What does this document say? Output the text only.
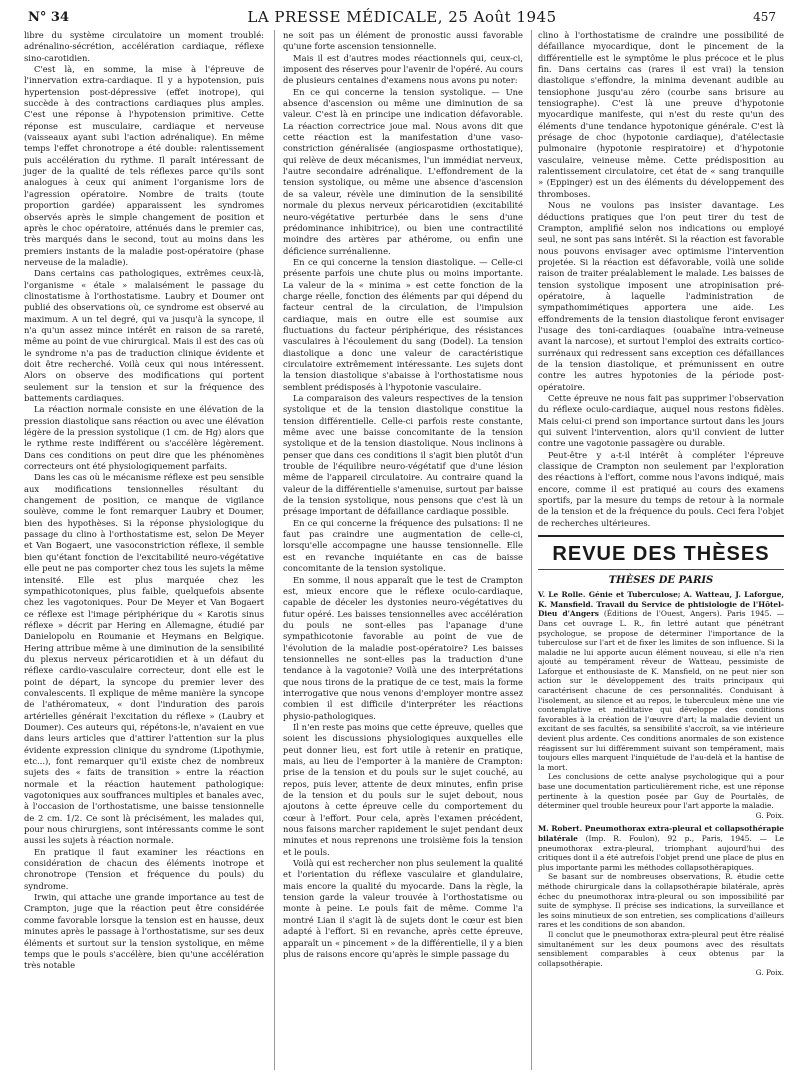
N° 34	LA PRESSE MÉDICALE, 25 Août 1945	457

libre du système circulatoire un moment troublé: adrénalino-sécrétion, accélération cardiaque, réflexe sino-carotidien.

C'est là, en somme, la mise à l'épreuve de l'innervation extra-cardiaque. Il y a hypotension, puis hypertension post-dépressive (effet inotrope), qui succède à des contractions cardiaques plus amples. C'est une réponse à l'hypotension primitive. Cette réponse est musculaire, cardiaque et nerveuse (vaisseaux ayant subi l'action adrénalique). En même temps l'effet chronotrope a été double: ralentissement puis accélération du rythme. Il paraît intéressant de juger de la qualité de tels réflexes parce qu'ils sont analogues à ceux qui animent l'organisme lors de l'agression opératoire. Nombre de traits (toute proportion gardée) apparaissent les syndromes observés après le simple changement de position et après le choc opératoire, atténués dans le premier cas, très marqués dans le second, tout au moins dans les premiers instants de la maladie post-opératoire (phase nerveuse de la maladie).

Dans certains cas pathologiques, extrêmes ceux-là, l'organisme « étale » malaisément le passage du clinostatisme à l'orthostatisme. Laubry et Doumer ont publié des observations où, ce syndrome est observé au maximum. A un tel degré, qui va jusqu'à la syncope, il n'a qu'un assez mince intérêt en raison de sa rareté, même au point de vue chirurgical. Mais il est des cas où le syndrome n'a pas de traduction clinique évidente et doit être recherché. Voilà ceux qui nous intéressent. Alors on observe des modifications qui portent seulement sur la tension et sur la fréquence des battements cardiaques.

La réaction normale consiste en une élévation de la pression diastolique sans réaction ou avec une élévation légère de la pression systolique (1 cm. de Hg) alors que le rythme reste indifférent ou s'accélère légèrement. Dans ces conditions on peut dire que les phénomènes correcteurs ont été physiologiquement parfaits.

Dans les cas où le mécanisme réflexe est peu sensible aux modifications tensionnelles résultant du changement de position, ce manque de vigilance soulève, comme le font remarquer Laubry et Doumer, bien des hypothèses. Si la réponse physiologique du passage du clino à l'orthostatisme est, selon De Meyer et Van Bogaert, une vasoconstriction réflexe, il semble bien qu'étant fonction de l'excitabilité neuro-végétative elle peut ne pas comporter chez tous les sujets la même intensité. Elle est plus marquée chez les sympathicotoniques, plus faible, quelquefois absente chez les vagotoniques. Pour De Meyer et Van Bogaert ce réflexe est l'image périphérique du « Karotis sinus réflexe » décrit par Hering en Allemagne, étudié par Danielopolu en Roumanie et Heymans en Belgique. Hering attribue même à une diminution de la sensibilité du plexus nerveux péricarotidien et à un défaut du réflexe cardio-vasculaire correcteur, dont elle est le point de départ, la syncope du premier lever des convalescents. Il explique de même manière la syncope de l'athéromateux, « dont l'induration des parois artérielles générait l'excitation du réflexe » (Laubry et Doumer). Ces auteurs qui, répétons-le, n'avaient en vue dans leurs articles que d'attirer l'attention sur la plus évidente expression clinique du syndrome (Lipothymie, etc...), font remarquer qu'il existe chez de nombreux sujets des « faits de transition » entre la réaction normale et la réaction hautement pathologique: vagotoniques aux souffrances multiples et banales avec, à l'occasion de l'orthostatisme, une baisse tensionnelle de 2 cm. 1/2. Ce sont là précisément, les malades qui, pour nous chirurgiens, sont intéressants comme le sont aussi les sujets à réaction normale.

En pratique il faut examiner les réactions en considération de chacun des éléments inotrope et chronotrope (Tension et fréquence du pouls) du syndrome.

Irwin, qui attache une grande importance au test de Crampton, juge que la réaction peut être considérée comme favorable lorsque la tension est en hausse, deux minutes après le passage à l'orthostatisme, sur ses deux éléments et surtout sur la tension systolique, en même temps que le pouls s'accélère, bien qu'une accélération très notable

ne soit pas un élément de pronostic aussi favorable qu'une forte ascension tensionnelle.

Mais il est d'autres modes réactionnels qui, ceux-ci, imposent des réserves pour l'avenir de l'opéré. Au cours de plusieurs centaines d'examens nous avons pu noter:

En ce qui concerne la tension systolique. — Une absence d'ascension ou même une diminution de sa valeur. C'est là en principe une indication défavorable. La réaction correctrice joue mal. Nous avons dit que cette réaction est la manifestation d'une vaso-constriction généralisée (angiospasme orthostatique), qui relève de deux mécanismes, l'un immédiat nerveux, l'autre secondaire adrénalique. L'effondrement de la tension systolique, ou même une absence d'ascension de sa valeur, révèle une diminution de la sensibilité normale du plexus nerveux péricarotidien (excitabilité neuro-végétative perturbée dans le sens d'une prédominance inhibitrice), ou bien une contractilité moindre des artères par athérome, ou enfin une déficience surrénalienne.

En ce qui concerne la tension diastolique. — Celle-ci présente parfois une chute plus ou moins importante. La valeur de la « minima » est cette fonction de la charge réelle, fonction des éléments par qui dépend du facteur central de la circulation, de l'impulsion cardiaque, mais en outre elle est soumise aux fluctuations du facteur périphérique, des résistances vasculaires à l'écoulement du sang (Dodel). La tension diastolique a donc une valeur de caractéristique circulatoire extrêmement intéressante. Les sujets dont la tension diastolique s'abaisse à l'orthostatisme nous semblent prédisposés à l'hypotonie vasculaire.

La comparaison des valeurs respectives de la tension systolique et de la tension diastolique constitue la tension différentielle. Celle-ci parfois reste constante, même avec une baisse concomitante de la tension systolique et de la tension diastolique. Nous inclinons à penser que dans ces conditions il s'agit bien plutôt d'un trouble de l'équilibre neuro-végétatif que d'une lésion même de l'appareil circulatoire. Au contraire quand la valeur de la différentielle s'amenuise, surtout par baisse de la tension systolique, nous pensons que c'est là un présage important de défaillance cardiaque possible.

En ce qui concerne la fréquence des pulsations: Il ne faut pas craindre une augmentation de celle-ci, lorsqu'elle accompagne une hausse tensionnelle. Elle est en revanche inquiétante en cas de baisse concomitante de la tension systolique.

En somme, il nous apparaît que le test de Crampton est, mieux encore que le réflexe oculo-cardiaque, capable de déceler les dystonies neuro-végétatives du futur opéré. Les baisses tensionnelles avec accélération du pouls ne sont-elles pas l'apanage d'une sympathicotonie favorable au point de vue de l'évolution de la maladie post-opératoire? Les baisses tensionnelles ne sont-elles pas la traduction d'une tendance à la vagotonie? Voilà une des interprétations que nous tirons de la pratique de ce test, mais la forme interrogative que nous venons d'employer montre assez combien il est difficile d'interpréter les réactions physio-pathologiques.

Il n'en reste pas moins que cette épreuve, quelles que soient les discussions physiologiques auxquelles elle peut donner lieu, est fort utile à retenir en pratique, mais, au lieu de l'emporter à la manière de Crampton: prise de la tension et du pouls sur le sujet couché, au repos, puis lever, attente de deux minutes, enfin prise de la tension et du pouls sur le sujet debout, nous ajoutons à cette épreuve celle du comportement du cœur à l'effort. Pour cela, après l'examen précédent, nous faisons marcher rapidement le sujet pendant deux minutes et nous reprenons une troisième fois la tension et le pouls.

Voilà qui est rechercher non plus seulement la qualité et l'orientation du réflexe vasculaire et glandulaire, mais encore la qualité du myocarde. Dans la règle, la tension garde la valeur trouvée à l'orthostatisme ou monte à peine. Le pouls fait de même. Comme l'a montré Lian il s'agit là de sujets dont le cœur est bien adapté à l'effort. Si en revanche, après cette épreuve, apparaît un « pincement » de la différentielle, il y a bien plus de raisons encore qu'après le simple passage du

clino à l'orthostatisme de craindre une possibilité de défaillance myocardique, dont le pincement de la différentielle est le symptôme le plus précoce et le plus fin. Dans certains cas (rares il est vrai) la tension diastolique s'effondre, la minima devenant audible au tensiophone jusqu'au zéro (courbe sans brisure au tensiographe). C'est là une preuve d'hypotonie myocardique manifeste, qui n'est du reste qu'un des éléments d'une tendance hypotonique générale. C'est là présage de choc (hypotonie cardiaque), d'atélectasie pulmonaire (hypotonie respiratoire) et d'hypotonie vasculaire, veineuse même. Cette prédisposition au ralentissement circulatoire, cet état de « sang tranquille » (Eppinger) est un des éléments du développement des thromboses.

Nous ne voulons pas insister davantage. Les déductions pratiques que l'on peut tirer du test de Crampton, amplifié selon nos indications ou employé seul, ne sont pas sans intérêt. Si la réaction est favorable nous pouvons envisager avec optimisme l'intervention projetée. Si la réaction est défavorable, voilà une solide raison de traiter préalablement le malade. Les baisses de tension systolique imposent une atropinisation pré-opératoire, à laquelle l'administration de sympathomimétiques apportera une aide. Les effondrements de la tension diastolique feront envisager l'usage des toni-cardiaques (ouabaïne intra-veineuse avant la narcose), et surtout l'emploi des extraits cortico-surrénaux qui redressent sans exception ces défaillances de la tension diastolique, et prémunissent en outre contre les autres hypotonies de la période post-opératoire.

Cette épreuve ne nous fait pas supprimer l'observation du réflexe oculo-cardiaque, auquel nous restons fidèles. Mais celui-ci prend son importance surtout dans les jours qui suivent l'intervention, alors qu'il convient de lutter contre une vagotonie passagère ou durable.

Peut-être y a-t-il intérêt à compléter l'épreuve classique de Crampton non seulement par l'exploration des réactions à l'effort, comme nous l'avons indiqué, mais encore, comme il est pratiqué au cours des examens sportifs, par la mesure du temps de retour à la normale de la tension et de la fréquence du pouls. Ceci fera l'objet de recherches ultérieures.

REVUE DES THÈSES
THÈSES DE PARIS
V. Le Rolle. Génie et Tuberculose; A. Watteau, J. Laforgue, K. Mansfield. Travail du Service de phtisiologie de l'Hôtel-Dieu d'Angers (Éditions de l'Ouest, Angers). Paris 1945. — Dans cet ouvrage L. R., fin lettré autant que pénétrant psychologue, se propose de déterminer l'importance de la tuberculose sur l'art et de fixer les limites de son influence. Si la maladie ne lui apporte aucun élément nouveau, si elle n'a rien ajouté au tempérament rêveur de Watteau, pessimiste de Laforgue et enthousiaste de K. Mansfield, on ne peut nier son action sur le développement des traits principaux qui caractérisent chacune de ces personnalités. Conduisant à l'isolement, au silence et au repos, le tuberculeux mène une vie contemplative et méditative qui développe des conditions favorables à la création de l'œuvre d'art; la maladie devient un excitant de ses facultés, sa sensibilité s'accroît, sa vie intérieure devient plus ardente. Ces conditions anormales de son existence réagissent sur lui différemment suivant son tempérament, mais toujours elles marquent l'inquiétude de l'au-delà et la hantise de la mort.
Les conclusions de cette analyse psychologique qui a pour base une documentation particulièrement riche, est une réponse pertinente à la question posée par Guy de Pourtalès, de déterminer quel trouble heureux pour l'art apporte la maladie.
G. Poix.
M. Robert. Pneumothorax extra-pleural et collapsothérapie bilatérale (Imp. R. Foulon), 92 p., Paris, 1945. — Le pneumothorax extra-pleural, triomphant aujourd'hui des critiques dont il a été autrefois l'objet prend une place de plus en plus importante parmi les méthodes collapsothérapiques.
Se basant sur de nombreuses observations, R. étudie cette méthode chirurgicale dans la collapsothérapie bilatérale, après échec du pneumothorax intra-pleural ou son impossibilité par suite de symphyse. Il précise ses indications, la surveillance et les soins minutieux de son entretien, ses complications d'ailleurs rares et les conditions de son abandon.
Il conclut que le pneumothorax extra-pleural peut être réalisé simultanément sur les deux poumons avec des résultats sensiblement comparables à ceux obtenus par la collapsothérapie.
G. Poix.
